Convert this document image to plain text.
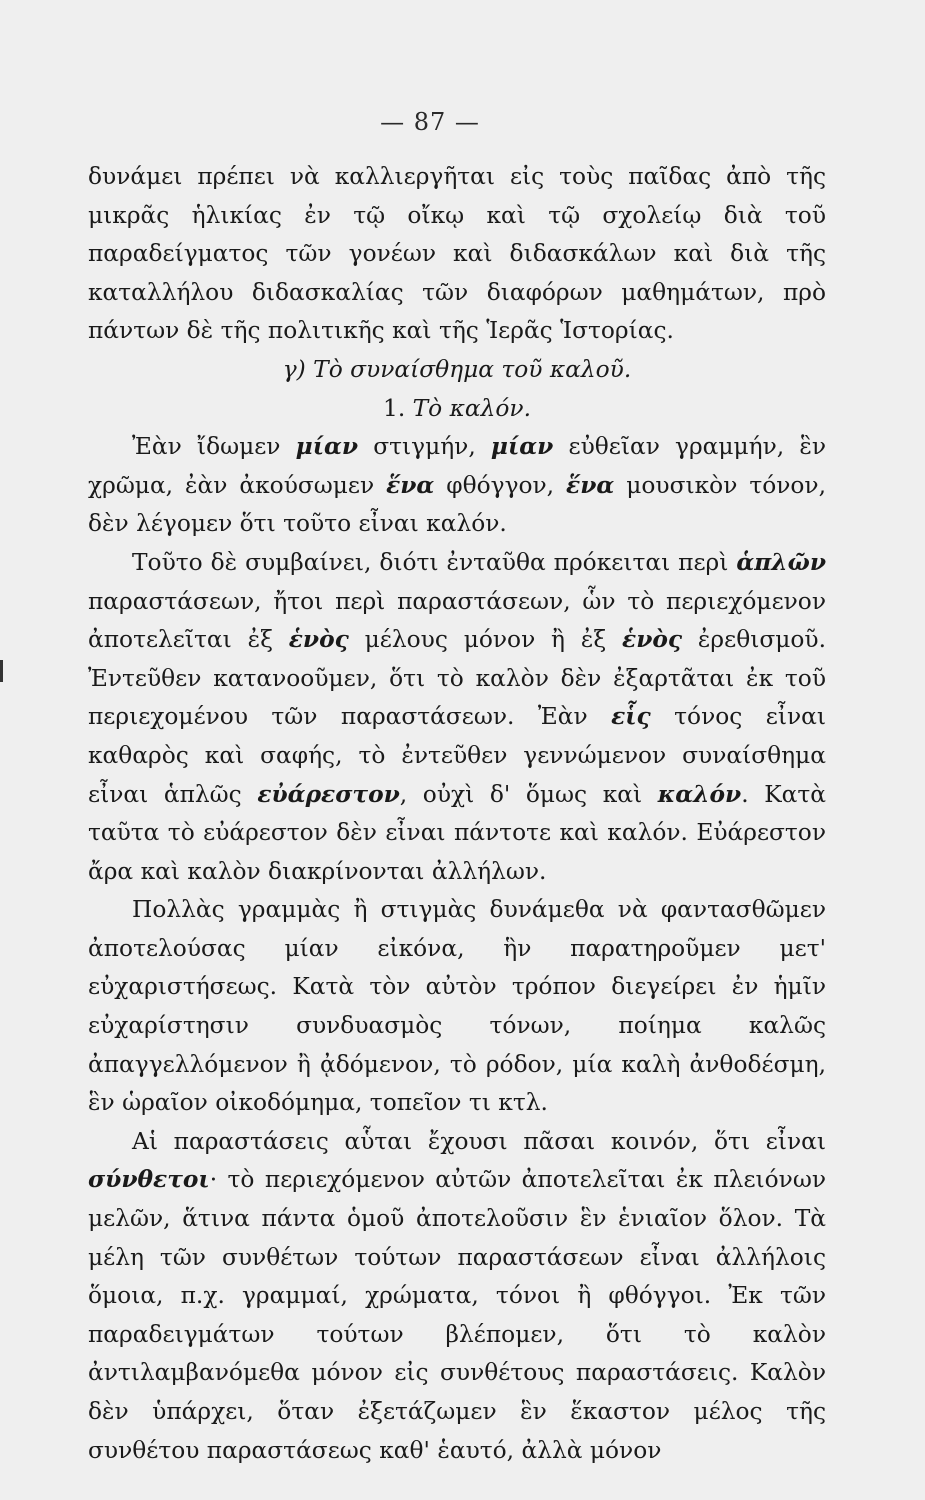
— 87 —

δυνάμει πρέπει νὰ καλλιεργῆται εἰς τοὺς παῖδας ἀπὸ τῆς μικρᾶς ἡλικίας ἐν τῷ οἴκῳ καὶ τῷ σχολείῳ διὰ τοῦ παραδείγματος τῶν γονέων καὶ διδασκάλων καὶ διὰ τῆς καταλλήλου διδασκαλίας τῶν διαφόρων μαθημάτων, πρὸ πάντων δὲ τῆς πολιτικῆς καὶ τῆς Ἱερᾶς Ἱστορίας.

γ) Τὸ συναίσθημα τοῦ καλοῦ.

1. Τὸ καλόν.

Ἐὰν ἴδωμεν μίαν στιγμήν, μίαν εὐθεῖαν γραμμήν, ἓν χρῶμα, ἐὰν ἀκούσωμεν ἕνα φθόγγον, ἕνα μουσικὸν τόνον, δὲν λέγομεν ὅτι τοῦτο εἶναι καλόν.

Τοῦτο δὲ συμβαίνει, διότι ἐνταῦθα πρόκειται περὶ ἁπλῶν παραστάσεων, ἤτοι περὶ παραστάσεων, ὧν τὸ περιεχόμενον ἀποτελεῖται ἐξ ἑνὸς μέλους μόνον ἢ ἐξ ἑνὸς ἐρεθισμοῦ. Ἐντεῦθεν κατανοοῦμεν, ὅτι τὸ καλὸν δὲν ἐξαρτᾶται ἐκ τοῦ περιεχομένου τῶν παραστάσεων. Ἐὰν εἷς τόνος εἶναι καθαρὸς καὶ σαφής, τὸ ἐντεῦθεν γεννώμενον συναίσθημα εἶναι ἁπλῶς εὐάρεστον, οὐχὶ δ' ὅμως καὶ καλόν. Κατὰ ταῦτα τὸ εὐάρεστον δὲν εἶναι πάντοτε καὶ καλόν. Εὐάρεστον ἄρα καὶ καλὸν διακρίνονται ἀλλήλων.

Πολλὰς γραμμὰς ἢ στιγμὰς δυνάμεθα νὰ φαντασθῶμεν ἀποτελούσας μίαν εἰκόνα, ἣν παρατηροῦμεν μετ' εὐχαριστήσεως. Κατὰ τὸν αὐτὸν τρόπον διεγείρει ἐν ἡμῖν εὐχαρίστησιν συνδυασμὸς τόνων, ποίημα καλῶς ἀπαγγελλόμενον ἢ ᾀδόμενον, τὸ ρόδον, μία καλὴ ἀνθοδέσμη, ἓν ὡραῖον οἰκοδόμημα, τοπεῖον τι κτλ.

Αἱ παραστάσεις αὗται ἔχουσι πᾶσαι κοινόν, ὅτι εἶναι σύνθετοι· τὸ περιεχόμενον αὐτῶν ἀποτελεῖται ἐκ πλειόνων μελῶν, ἅτινα πάντα ὁμοῦ ἀποτελοῦσιν ἓν ἑνιαῖον ὅλον. Τὰ μέλη τῶν συνθέτων τούτων παραστάσεων εἶναι ἀλλήλοις ὅμοια, π.χ. γραμμαί, χρώματα, τόνοι ἢ φθόγγοι. Ἐκ τῶν παραδειγμάτων τούτων βλέπομεν, ὅτι τὸ καλὸν ἀντιλαμβανόμεθα μόνον εἰς συνθέτους παραστάσεις. Καλὸν δὲν ὑπάρχει, ὅταν ἐξετάζωμεν ἓν ἕκαστον μέλος τῆς συνθέτου παραστάσεως καθ' ἑαυτό, ἀλλὰ μόνον
